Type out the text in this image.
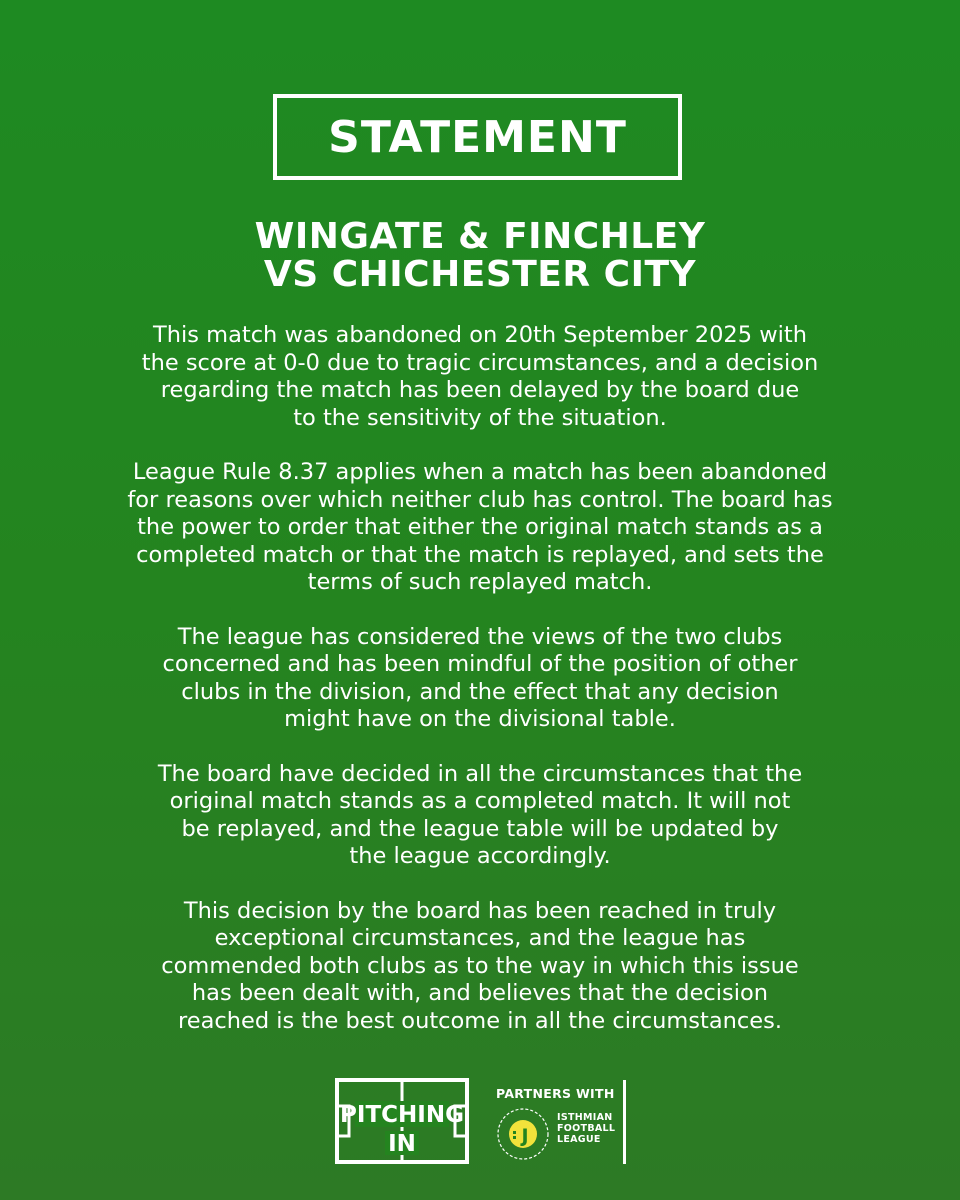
STATEMENT
WINGATE & FINCHLEY
VS CHICHESTER CITY

This match was abandoned on 20th September 2025 with
the score at 0-0 due to tragic circumstances, and a decision
regarding the match has been delayed by the board due
to the sensitivity of the situation.

League Rule 8.37 applies when a match has been abandoned
for reasons over which neither club has control. The board has
the power to order that either the original match stands as a
completed match or that the match is replayed, and sets the
terms of such replayed match.

The league has considered the views of the two clubs
concerned and has been mindful of the position of other
clubs in the division, and the effect that any decision
might have on the divisional table.

The board have decided in all the circumstances that the
original match stands as a completed match. It will not
be replayed, and the league table will be updated by
the league accordingly.

This decision by the board has been reached in truly
exceptional circumstances, and the league has
commended both clubs as to the way in which this issue
has been dealt with, and believes that the decision
reached is the best outcome in all the circumstances.

PITCHING
IN
PARTNERS WITH
J
ISTHMIAN
FOOTBALL
LEAGUE
